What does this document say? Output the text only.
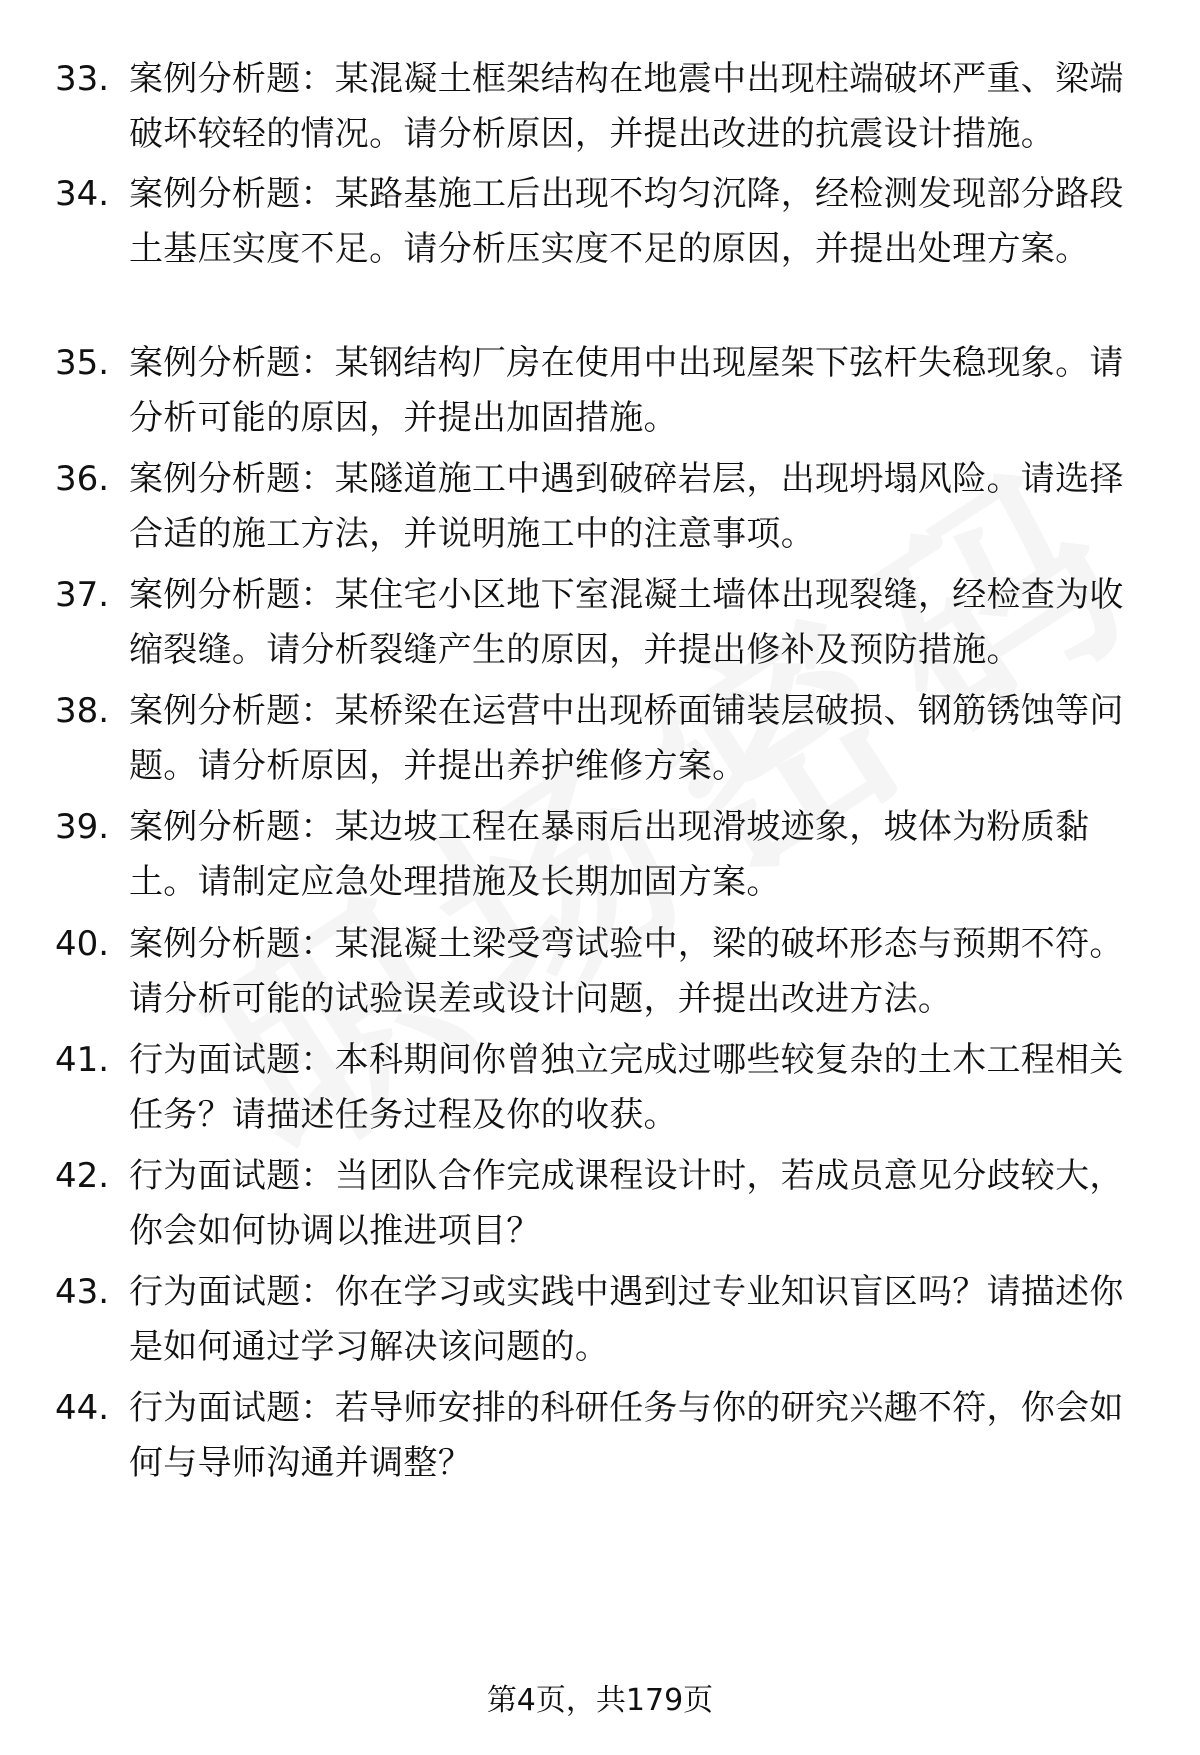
33. 案例分析题：某混凝土框架结构在地震中出现柱端破坏严重、梁端破坏较轻的情况。请分析原因，并提出改进的抗震设计措施。
34. 案例分析题：某路基施工后出现不均匀沉降，经检测发现部分路段土基压实度不足。请分析压实度不足的原因，并提出处理方案。
35. 案例分析题：某钢结构厂房在使用中出现屋架下弦杆失稳现象。请分析可能的原因，并提出加固措施。
36. 案例分析题：某隧道施工中遇到破碎岩层，出现坍塌风险。请选择合适的施工方法，并说明施工中的注意事项。
37. 案例分析题：某住宅小区地下室混凝土墙体出现裂缝，经检查为收缩裂缝。请分析裂缝产生的原因，并提出修补及预防措施。
38. 案例分析题：某桥梁在运营中出现桥面铺装层破损、钢筋锈蚀等问题。请分析原因，并提出养护维修方案。
39. 案例分析题：某边坡工程在暴雨后出现滑坡迹象，坡体为粉质黏土。请制定应急处理措施及长期加固方案。
40. 案例分析题：某混凝土梁受弯试验中，梁的破坏形态与预期不符。请分析可能的试验误差或设计问题，并提出改进方法。
41. 行为面试题：本科期间你曾独立完成过哪些较复杂的土木工程相关任务？请描述任务过程及你的收获。
42. 行为面试题：当团队合作完成课程设计时，若成员意见分歧较大，你会如何协调以推进项目？
43. 行为面试题：你在学习或实践中遇到过专业知识盲区吗？请描述你是如何通过学习解决该问题的。
44. 行为面试题：若导师安排的科研任务与你的研究兴趣不符，你会如何与导师沟通并调整？
第4页，共179页
